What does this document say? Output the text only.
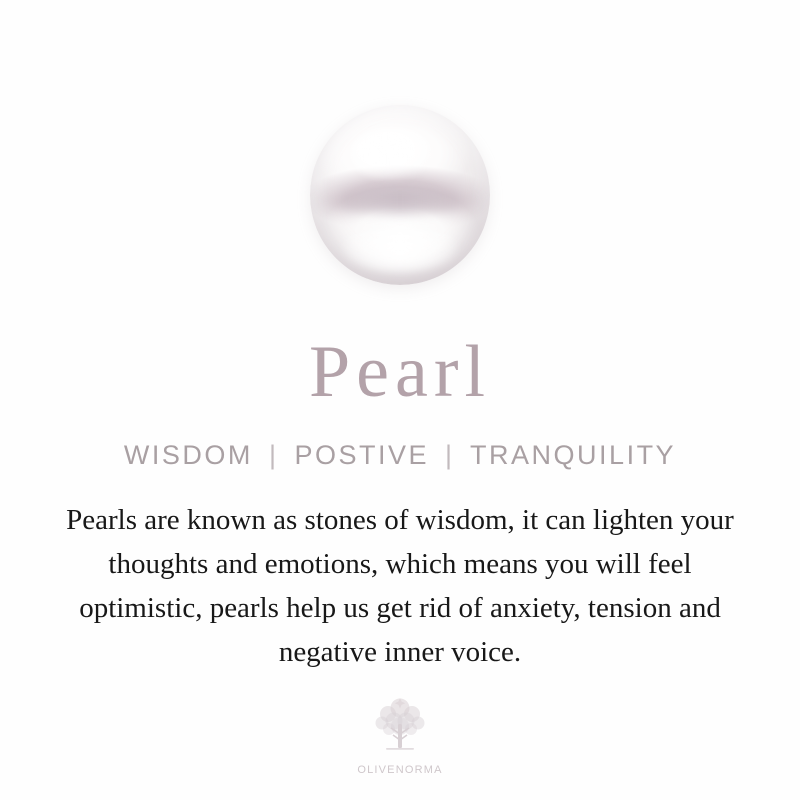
Pearl
WISDOM | POSTIVE | TRANQUILITY
Pearls are known as stones of wisdom, it can lighten your thoughts and emotions, which means you will feel optimistic, pearls help us get rid of anxiety, tension and negative inner voice.
OLIVENORMA
